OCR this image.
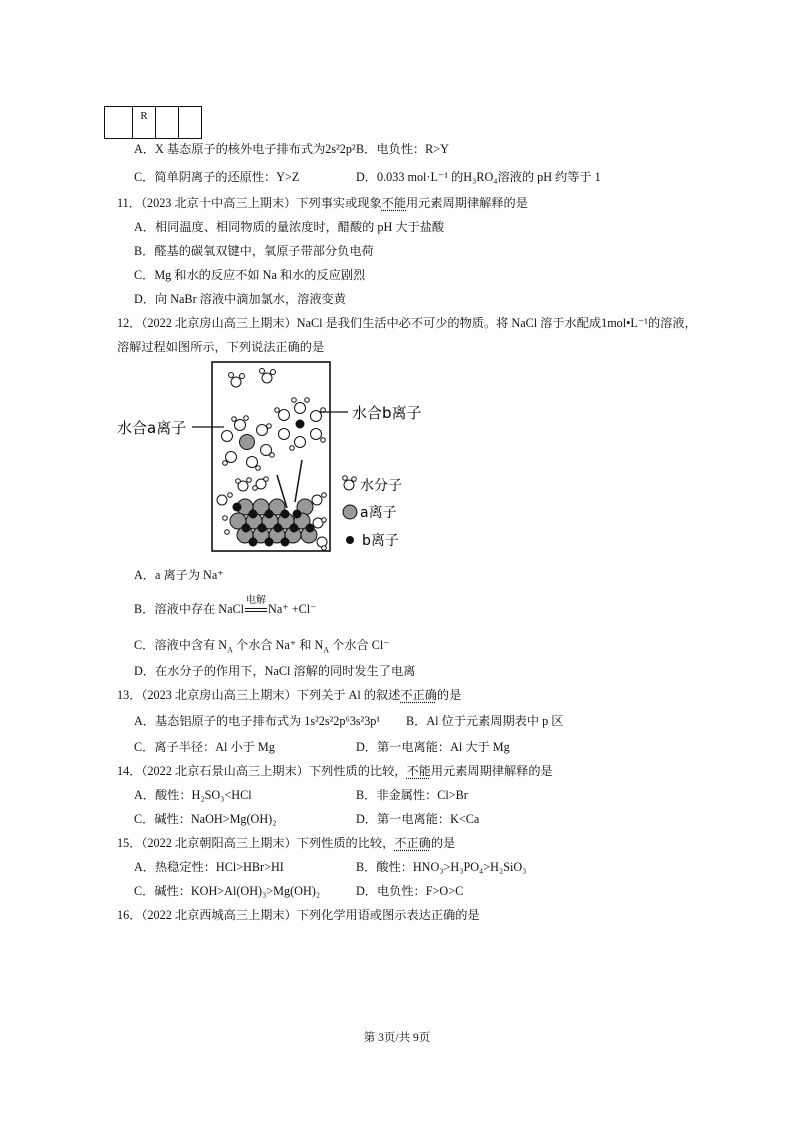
	R		
A．X 基态原子的核外电子排布式为2s²2p² B．电负性：R>Y
C．简单阴离子的还原性：Y>Z	D．0.033 mol·L⁻¹ 的H₃RO₄溶液的 pH 约等于 1
11．（2023 北京十中高三上期末）下列事实或现象不能用元素周期律解释的是
A．相同温度、相同物质的量浓度时，醋酸的 pH 大于盐酸
B．醛基的碳氧双键中，氧原子带部分负电荷
C．Mg 和水的反应不如 Na 和水的反应剧烈
D．向 NaBr 溶液中滴加氯水，溶液变黄
12．（2022 北京房山高三上期末）NaCl 是我们生活中必不可少的物质。将 NaCl 溶于水配成1mol•L⁻¹的溶液，
溶解过程如图所示，下列说法正确的是
水合a离子
水合b离子
水分子
a离子
b离子
A．a 离子为 Na⁺
B．溶液中存在 NaCl
电解
Na⁺ +Cl⁻
C．溶液中含有 $N_A$ 个水合 Na⁺ 和 $N_A$ 个水合 Cl⁻
D．在水分子的作用下，NaCl 溶解的同时发生了电离
13．（2023 北京房山高三上期末）下列关于 Al 的叙述不正确的是
A．基态铝原子的电子排布式为 1s²2s²2p⁶3s²3p¹ B．Al 位于元素周期表中 p 区
C．离子半径：Al 小于 Mg	D．第一电离能：Al 大于 Mg
14．（2022 北京石景山高三上期末）下列性质的比较，不能用元素周期律解释的是
A．酸性：H₂SO₃<HCl	B．非金属性：Cl>Br
C．碱性：NaOH>Mg(OH)₂	D．第一电离能：K<Ca
15．（2022 北京朝阳高三上期末）下列性质的比较，不正确的是
A．热稳定性：HCl>HBr>HI	B．酸性：HNO₃>H₃PO₄>H₂SiO₃
C．碱性：KOH>Al(OH)₃>Mg(OH)₂	D．电负性：F>O>C
16．（2022 北京西城高三上期末）下列化学用语或图示表达正确的是
第 3页/共 9页
